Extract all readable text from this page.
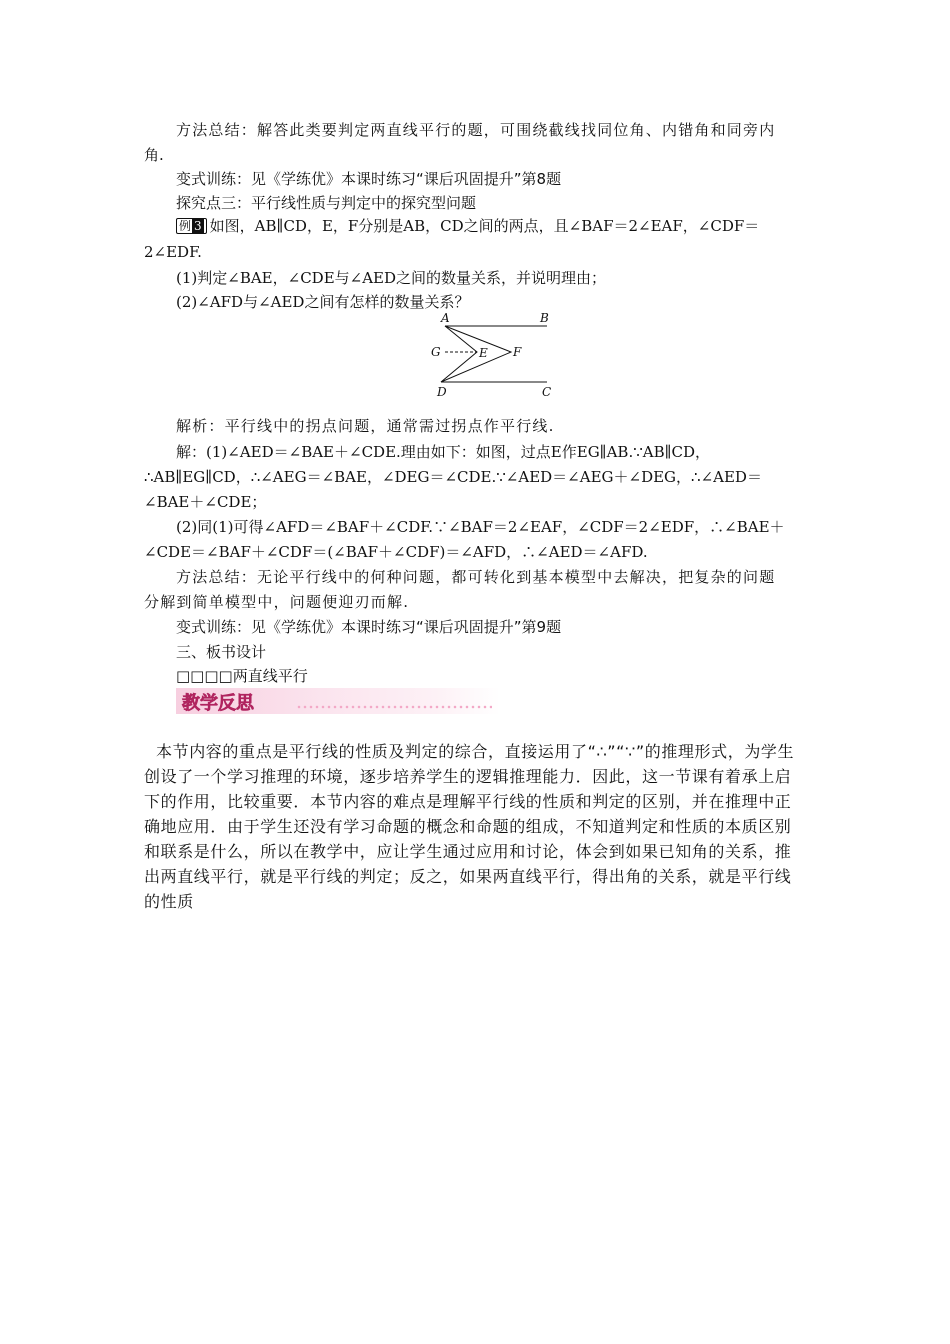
方法总结：解答此类要判定两直线平行的题，可围绕截线找同位角、内错角和同旁内
角.
变式训练：见《学练优》本课时练习“课后巩固提升”第8题
探究点三：平行线性质与判定中的探究型问题
例 3 如图，AB∥CD，E，F分别是AB，CD之间的两点，且∠BAF＝2∠EAF，∠CDF＝
2∠EDF.
(1)判定∠BAE，∠CDE与∠AED之间的数量关系，并说明理由；
(2)∠AFD与∠AED之间有怎样的数量关系？
A	B
G	E F
D	C
解析：平行线中的拐点问题，通常需过拐点作平行线.
解：(1)∠AED＝∠BAE＋∠CDE.理由如下：如图，过点E作EG∥AB.∵AB∥CD，
∴AB∥EG∥CD，∴∠AEG＝∠BAE，∠DEG＝∠CDE.∵∠AED＝∠AEG＋∠DEG，∴∠AED＝
∠BAE＋∠CDE；
(2)同(1)可得∠AFD＝∠BAF＋∠CDF.∵∠BAF＝2∠EAF，∠CDF＝2∠EDF，∴∠BAE＋
∠CDE＝∠BAF＋∠CDF＝(∠BAF＋∠CDF)＝∠AFD，∴∠AED＝∠AFD.
方法总结：无论平行线中的何种问题，都可转化到基本模型中去解决，把复杂的问题
分解到简单模型中，问题便迎刃而解.
变式训练：见《学练优》本课时练习“课后巩固提升”第9题
三、板书设计
□□□□两直线平行
教学反思
本节内容的重点是平行线的性质及判定的综合，直接运用了“∴”“∵”的推理形式，为学生
创设了一个学习推理的环境，逐步培养学生的逻辑推理能力．因此，这一节课有着承上启
下的作用，比较重要．本节内容的难点是理解平行线的性质和判定的区别，并在推理中正
确地应用．由于学生还没有学习命题的概念和命题的组成，不知道判定和性质的本质区别
和联系是什么，所以在教学中，应让学生通过应用和讨论，体会到如果已知角的关系，推
出两直线平行，就是平行线的判定；反之，如果两直线平行，得出角的关系，就是平行线
的性质
